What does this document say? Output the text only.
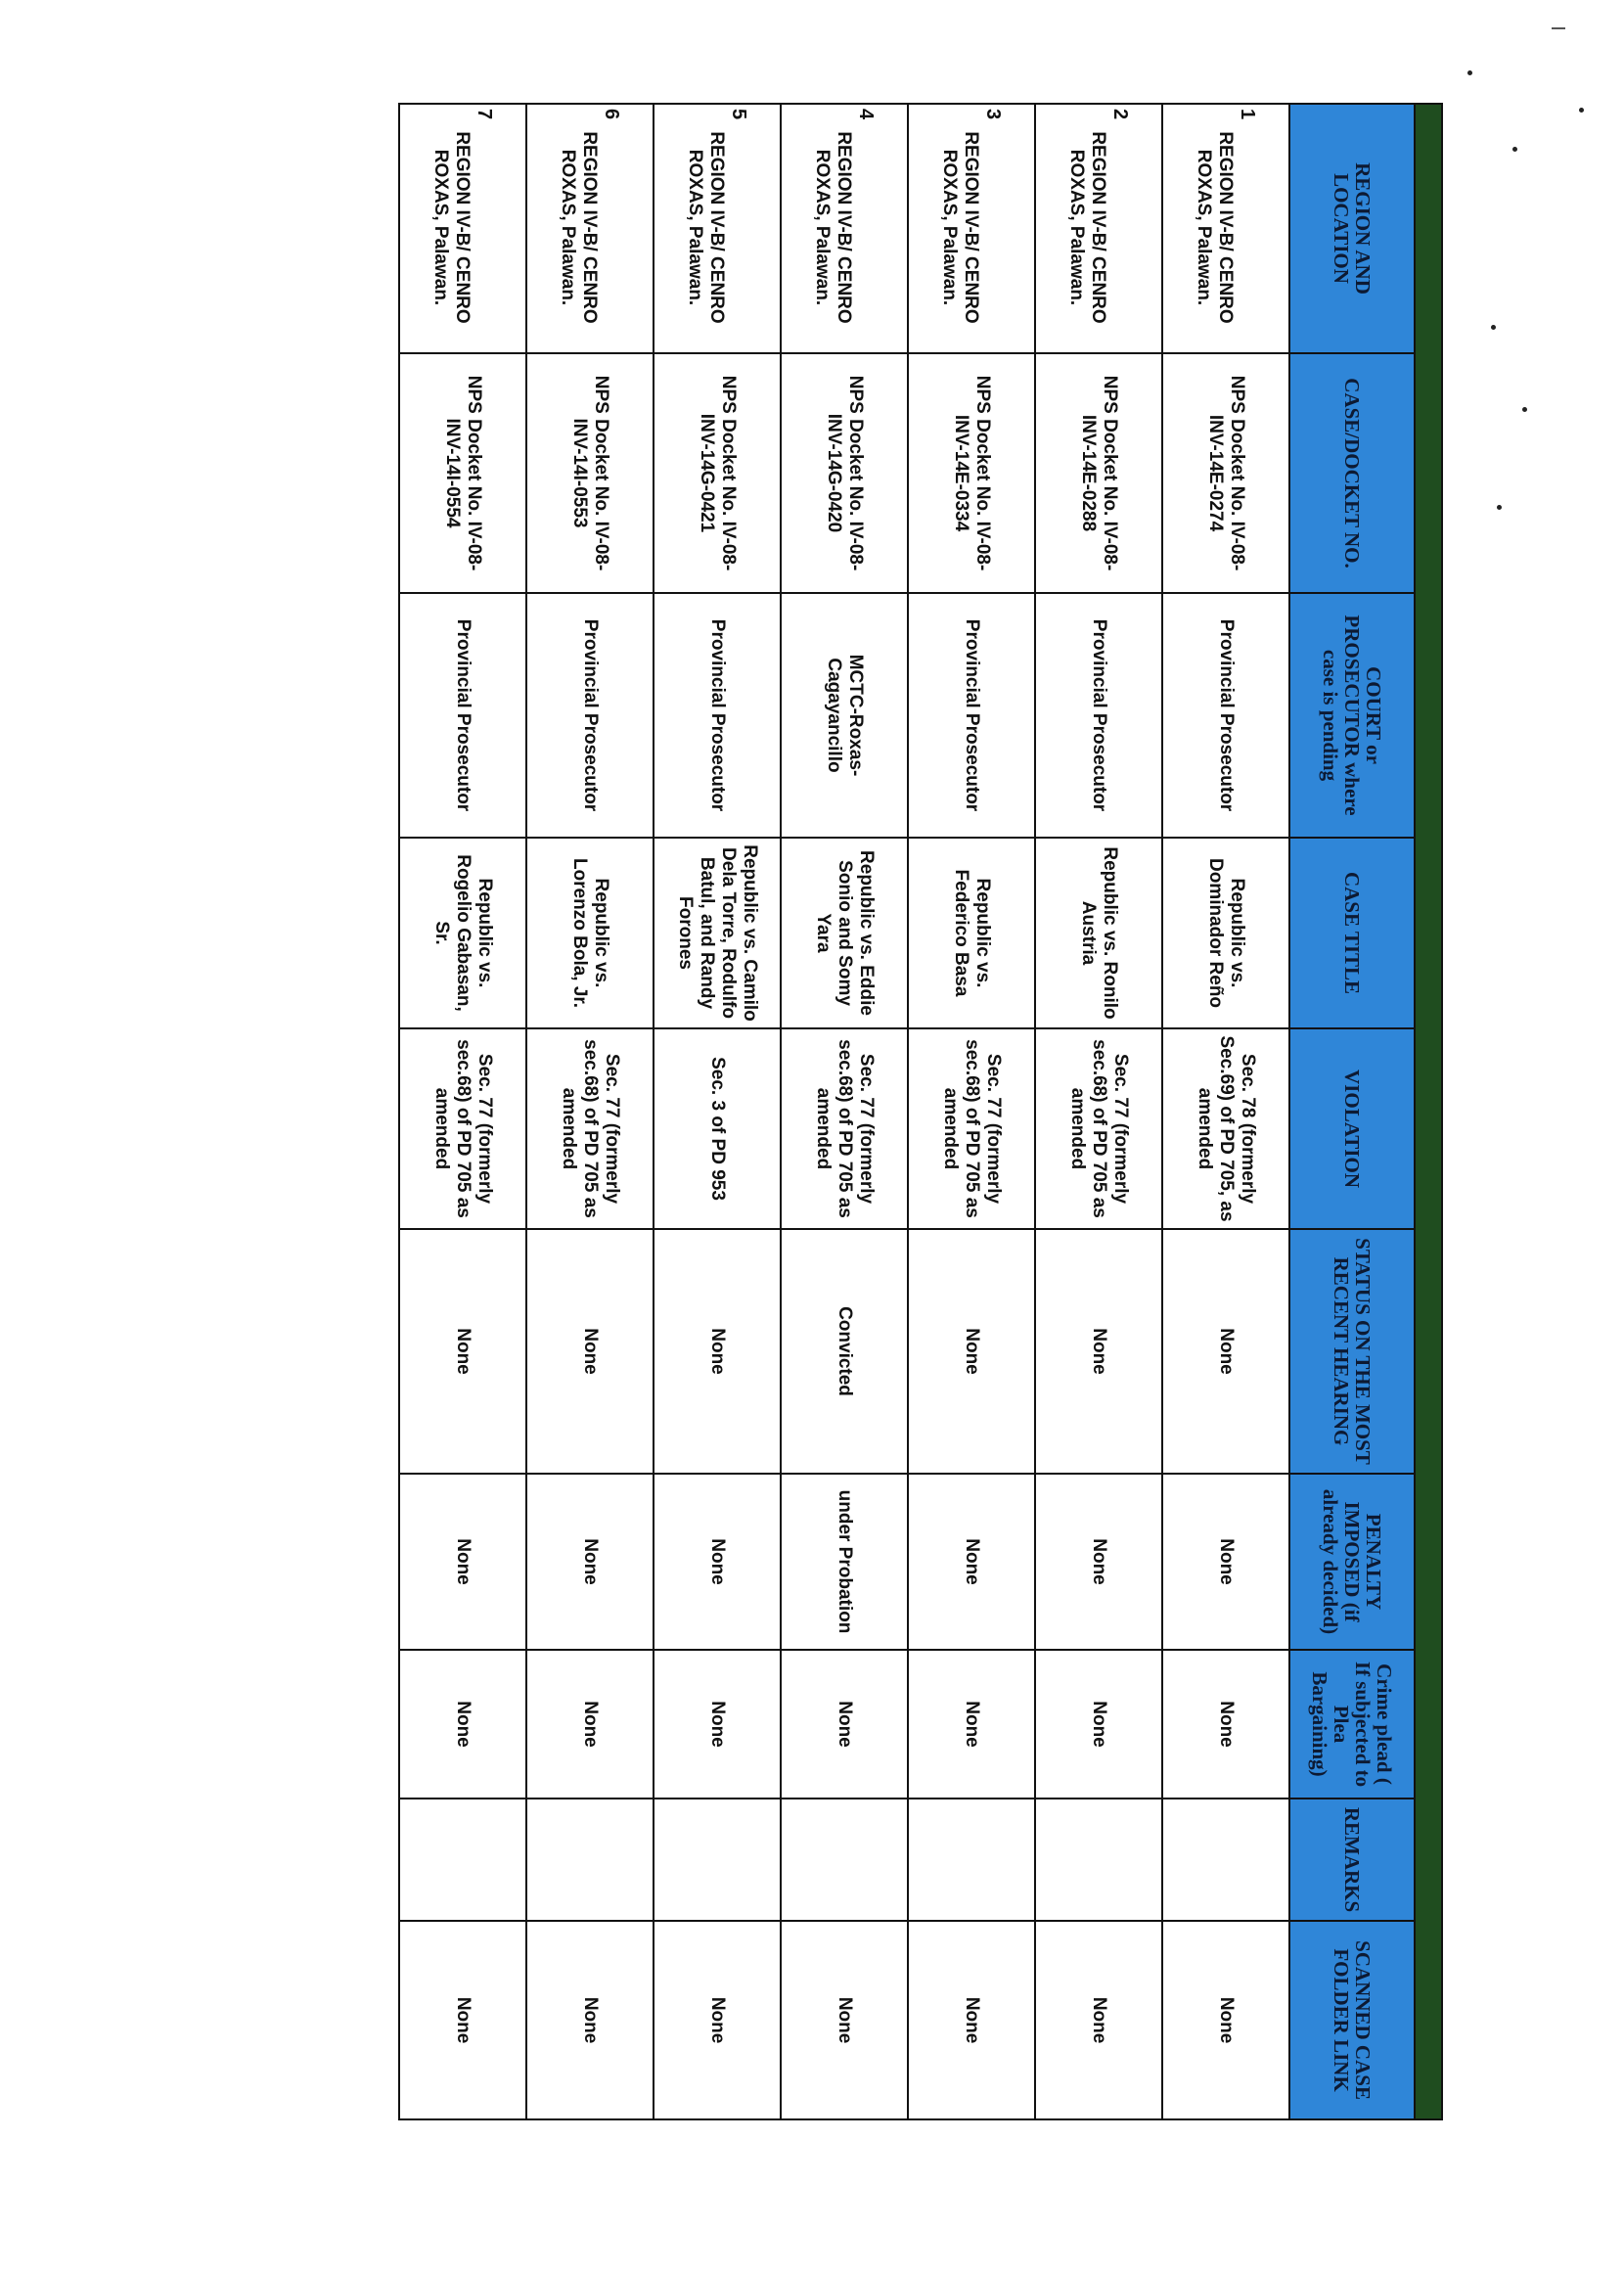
REGION AND LOCATION	CASE/DOCKET NO.	COURT or PROSECUTOR where case is pending	CASE TITLE	VIOLATION	STATUS ON THE MOST RECENT HEARING	PENALTY IMPOSED (if already decided)	Crime plead ( If subjected to Plea Bargaining)	REMARKS	SCANNED CASE FOLDER LINK
1REGION IV-B/ CENRO ROXAS, Palawan.	NPS Docket No. IV-08-INV-14E-0274	Provincial Prosecutor	Republic vs. Dominador Reño	Sec. 78 (formerly Sec.69) of PD 705, as amended	None	None	None		None
2REGION IV-B/ CENRO ROXAS, Palawan.	NPS Docket No. IV-08-INV-14E-0288	Provincial Prosecutor	Republic vs. Ronilo Austria	Sec. 77 (formerly sec.68) of PD 705 as amended	None	None	None		None
3REGION IV-B/ CENRO ROXAS, Palawan.	NPS Docket No. IV-08-INV-14E-0334	Provincial Prosecutor	Republic vs. Federico Basa	Sec. 77 (formerly sec.68) of PD 705 as amended	None	None	None		None
4REGION IV-B/ CENRO ROXAS, Palawan.	NPS Docket No. IV-08-INV-14G-0420	MCTC-Roxas-Cagayancillo	Republic vs. Eddie Sonio and Somy Yara	Sec. 77 (formerly sec.68) of PD 705 as amended	Convicted	under Probation	None		None
5REGION IV-B/ CENRO ROXAS, Palawan.	NPS Docket No. IV-08-INV-14G-0421	Provincial Prosecutor	Republic vs. Camilo Dela Torre, Rodulfo Batul, and Randy Forones	Sec. 3 of PD 953	None	None	None		None
6REGION IV-B/ CENRO ROXAS, Palawan.	NPS Docket No. IV-08-INV-14I-0553	Provincial Prosecutor	Republic vs. Lorenzo Bola, Jr.	Sec. 77 (formerly sec.68) of PD 705 as amended	None	None	None		None
7REGION IV-B/ CENRO ROXAS, Palawan.	NPS Docket No. IV-08-INV-14I-0554	Provincial Prosecutor	Republic vs. Rogelio Gabasan, Sr.	Sec. 77 (formerly sec.68) of PD 705 as amended	None	None	None		None
